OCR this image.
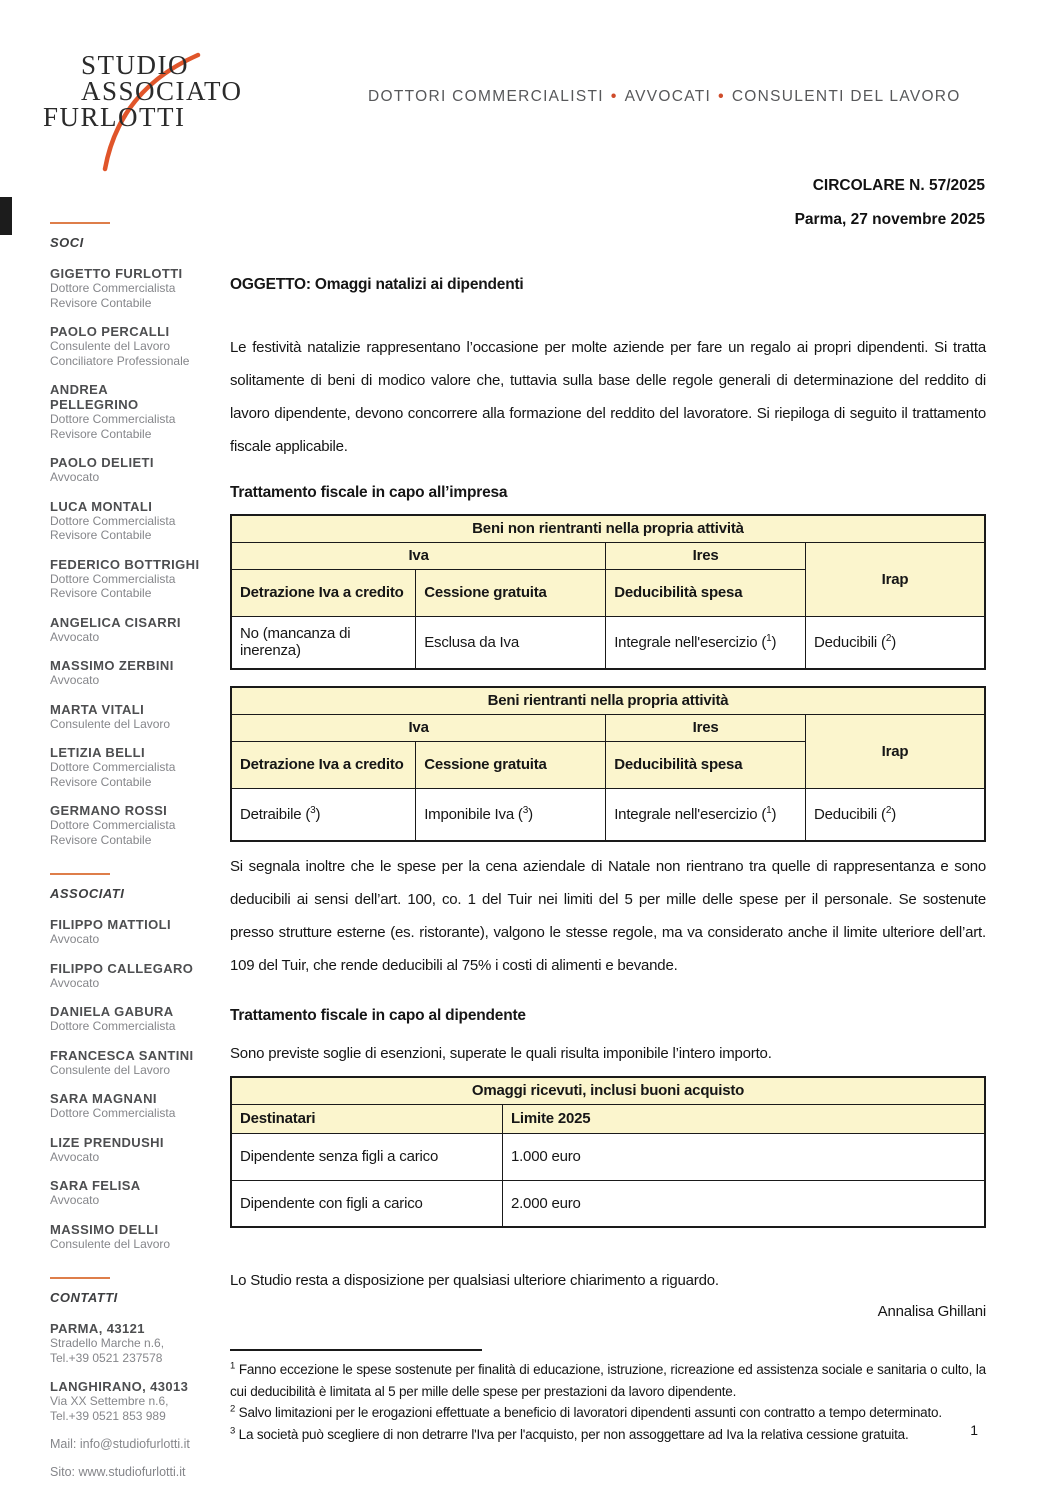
STUDIO
ASSOCIATO
FURLOTTI
DOTTORI COMMERCIALISTI • AVVOCATI • CONSULENTI DEL LAVORO
CIRCOLARE N. 57/2025
Parma, 27 novembre 2025
SOCI
GIGETTO FURLOTTI
Dottore Commercialista
Revisore Contabile
PAOLO PERCALLI
Consulente del Lavoro
Conciliatore Professionale
ANDREA PELLEGRINO
Dottore Commercialista
Revisore Contabile
PAOLO DELIETI
Avvocato
LUCA MONTALI
Dottore Commercialista
Revisore Contabile
FEDERICO BOTTRIGHI
Dottore Commercialista
Revisore Contabile
ANGELICA CISARRI
Avvocato
MASSIMO ZERBINI
Avvocato
MARTA VITALI
Consulente del Lavoro
LETIZIA BELLI
Dottore Commercialista
Revisore Contabile
GERMANO ROSSI
Dottore Commercialista
Revisore Contabile
ASSOCIATI
FILIPPO MATTIOLI
Avvocato
FILIPPO CALLEGARO
Avvocato
DANIELA GABURA
Dottore Commercialista
FRANCESCA SANTINI
Consulente del Lavoro
SARA MAGNANI
Dottore Commercialista
LIZE PRENDUSHI
Avvocato
SARA FELISA
Avvocato
MASSIMO DELLI
Consulente del Lavoro
CONTATTI
PARMA, 43121
Stradello Marche n.6,
Tel.+39 0521 237578
LANGHIRANO, 43013
Via XX Settembre n.6,
Tel.+39 0521 853 989
Mail: info@studiofurlotti.it
Sito: www.studiofurlotti.it
OGGETTO: Omaggi natalizi ai dipendenti

Le festività natalizie rappresentano l’occasione per molte aziende per fare un regalo ai propri dipendenti. Si tratta solitamente di beni di modico valore che, tuttavia sulla base delle regole generali di determinazione del reddito di lavoro dipendente, devono concorrere alla formazione del reddito del lavoratore. Si riepiloga di seguito il trattamento fiscale applicabile.

Trattamento fiscale in capo all’impresa
Beni non rientranti nella propria attività			
Iva		Ires	Irap
Detrazione Iva a credito	Cessione gratuita	Deducibilità spesa	
No (mancanza di inerenza)	Esclusa da Iva	Integrale nell'esercizio ($^1$)	Deducibili ($^2$)
Beni rientranti nella propria attività			
Iva		Ires	Irap
Detrazione Iva a credito	Cessione gratuita	Deducibilità spesa	
Detraibile ($^3$)	Imponibile Iva ($^3$)	Integrale nell'esercizio ($^1$)	Deducibili ($^2$)

Si segnala inoltre che le spese per la cena aziendale di Natale non rientrano tra quelle di rappresentanza e sono deducibili ai sensi dell’art. 100, co. 1 del Tuir nei limiti del 5 per mille delle spese per il personale. Se sostenute presso strutture esterne (es. ristorante), valgono le stesse regole, ma va considerato anche il limite ulteriore dell’art. 109 del Tuir, che rende deducibili al 75% i costi di alimenti e bevande.

Trattamento fiscale in capo al dipendente

Sono previste soglie di esenzioni, superate le quali risulta imponibile l’intero importo.

Omaggi ricevuti, inclusi buoni acquisto	
Destinatari	Limite 2025
Dipendente senza figli a carico	1.000 euro
Dipendente con figli a carico	2.000 euro

Lo Studio resta a disposizione per qualsiasi ulteriore chiarimento a riguardo.

Annalisa Ghillani
$^1$ Fanno eccezione le spese sostenute per finalità di educazione, istruzione, ricreazione ed assistenza sociale e sanitaria o culto, la cui deducibilità è limitata al 5 per mille delle spese per prestazioni da lavoro dipendente.
$^2$ Salvo limitazioni per le erogazioni effettuate a beneficio di lavoratori dipendenti assunti con contratto a tempo determinato.
$^3$ La società può scegliere di non detrarre l'Iva per l'acquisto, per non assoggettare ad Iva la relativa cessione gratuita.	1
